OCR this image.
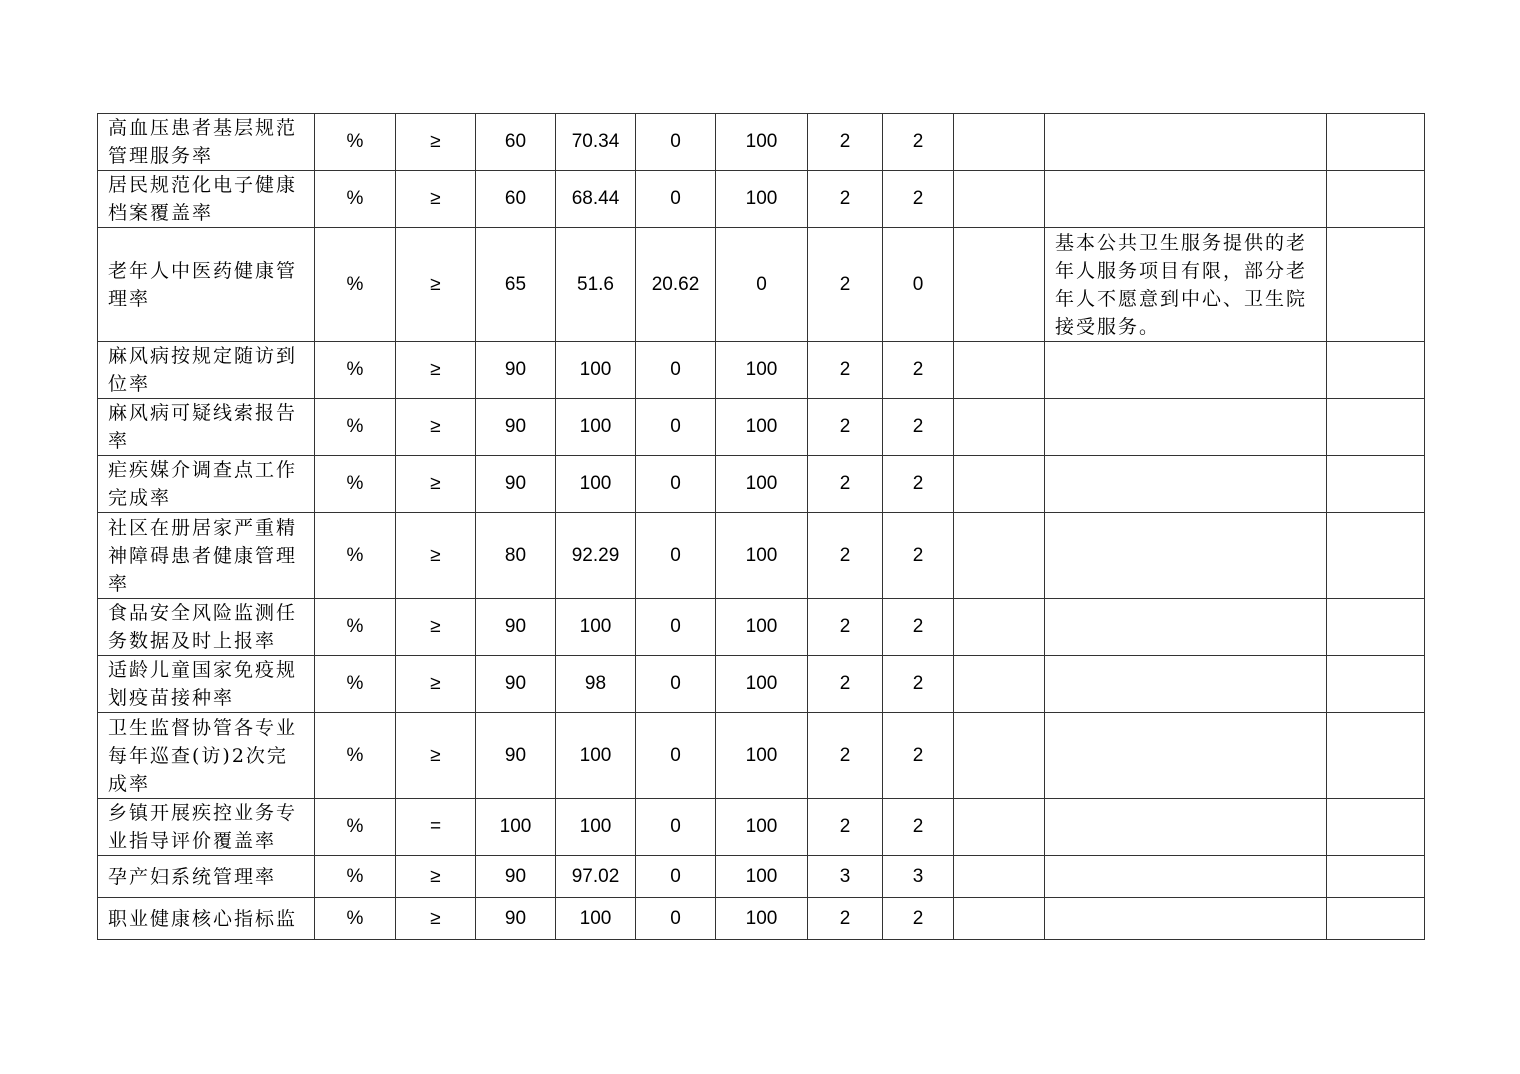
高血压患者基层规范管理服务率	%	≥	60	70.34	0	100	2	2			
居民规范化电子健康档案覆盖率	%	≥	60	68.44	0	100	2	2			
老年人中医药健康管理率	%	≥	65	51.6	20.62	0	2	0		基本公共卫生服务提供的老年人服务项目有限，部分老年人不愿意到中心、卫生院接受服务。	
麻风病按规定随访到位率	%	≥	90	100	0	100	2	2			
麻风病可疑线索报告率	%	≥	90	100	0	100	2	2			
疟疾媒介调查点工作完成率	%	≥	90	100	0	100	2	2			
社区在册居家严重精神障碍患者健康管理率	%	≥	80	92.29	0	100	2	2			
食品安全风险监测任务数据及时上报率	%	≥	90	100	0	100	2	2			
适龄儿童国家免疫规划疫苗接种率	%	≥	90	98	0	100	2	2			
卫生监督协管各专业每年巡查(访)2次完成率	%	≥	90	100	0	100	2	2			
乡镇开展疾控业务专业指导评价覆盖率	%	=	100	100	0	100	2	2			
孕产妇系统管理率	%	≥	90	97.02	0	100	3	3			
职业健康核心指标监	%	≥	90	100	0	100	2	2			
